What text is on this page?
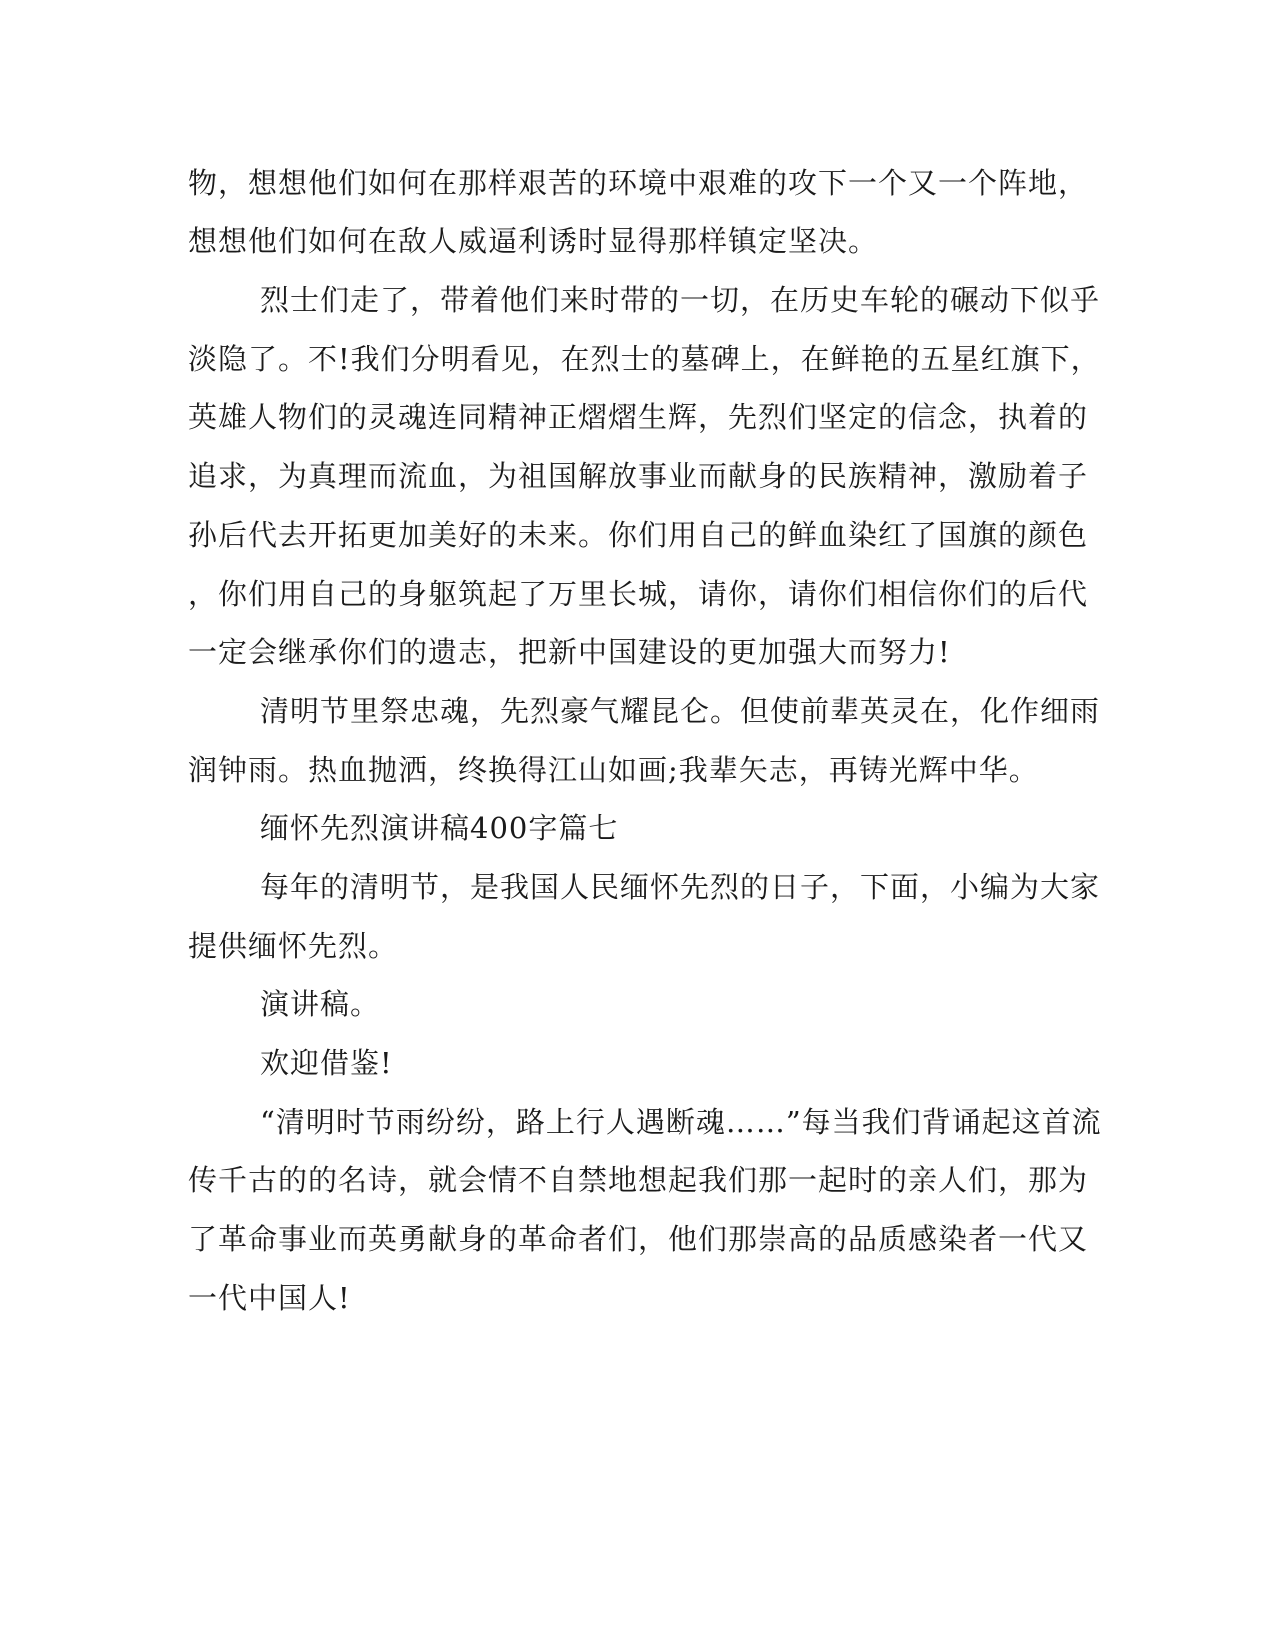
物，想想他们如何在那样艰苦的环境中艰难的攻下一个又一个阵地，

想想他们如何在敌人威逼利诱时显得那样镇定坚决。

烈士们走了，带着他们来时带的一切，在历史车轮的碾动下似乎

淡隐了。不!我们分明看见，在烈士的墓碑上，在鲜艳的五星红旗下，

英雄人物们的灵魂连同精神正熠熠生辉，先烈们坚定的信念，执着的

追求，为真理而流血，为祖国解放事业而献身的民族精神，激励着子

孙后代去开拓更加美好的未来。你们用自己的鲜血染红了国旗的颜色

，你们用自己的身躯筑起了万里长城，请你，请你们相信你们的后代

一定会继承你们的遗志，把新中国建设的更加强大而努力!

清明节里祭忠魂，先烈豪气耀昆仑。但使前辈英灵在，化作细雨

润钟雨。热血抛洒，终换得江山如画;我辈矢志，再铸光辉中华。

缅怀先烈演讲稿400字篇七

每年的清明节，是我国人民缅怀先烈的日子，下面，小编为大家

提供缅怀先烈。

演讲稿。

欢迎借鉴!

“清明时节雨纷纷，路上行人遇断魂……”每当我们背诵起这首流

传千古的的名诗，就会情不自禁地想起我们那一起时的亲人们，那为

了革命事业而英勇献身的革命者们，他们那崇高的品质感染者一代又

一代中国人!
